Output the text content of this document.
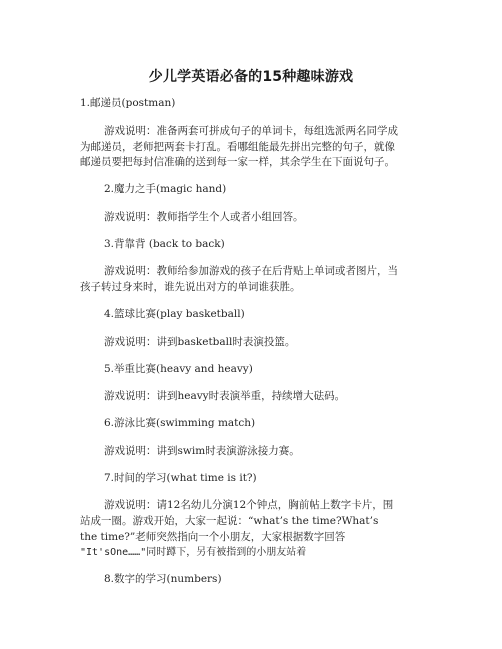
少儿学英语必备的15种趣味游戏
1.邮递员(postman)
游戏说明：准备两套可拼成句子的单词卡，每组选派两名同学成
为邮递员，老师把两套卡打乱。看哪组能最先拼出完整的句子，就像
邮递员要把每封信准确的送到每一家一样，其余学生在下面说句子。
2.魔力之手(magic hand)
游戏说明：教师指学生个人或者小组回答。
3.背靠背 (back to back)
游戏说明：教师给参加游戏的孩子在后背贴上单词或者图片，当
孩子转过身来时，谁先说出对方的单词谁获胜。
4.篮球比赛(play basketball)
游戏说明：讲到basketball时表演投篮。
5.举重比赛(heavy and heavy)
游戏说明：讲到heavy时表演举重，持续增大砝码。
6.游泳比赛(swimming match)
游戏说明：讲到swim时表演游泳接力赛。
7.时间的学习(what time is it?)
游戏说明：请12名幼儿分演12个钟点，胸前帖上数字卡片，围
站成一圈。游戏开始，大家一起说：“what’s the time?What’s
the time?”老师突然指向一个小朋友，大家根据数字回答
"It'sOne……"同时蹲下，另有被指到的小朋友站着
8.数字的学习(numbers)
